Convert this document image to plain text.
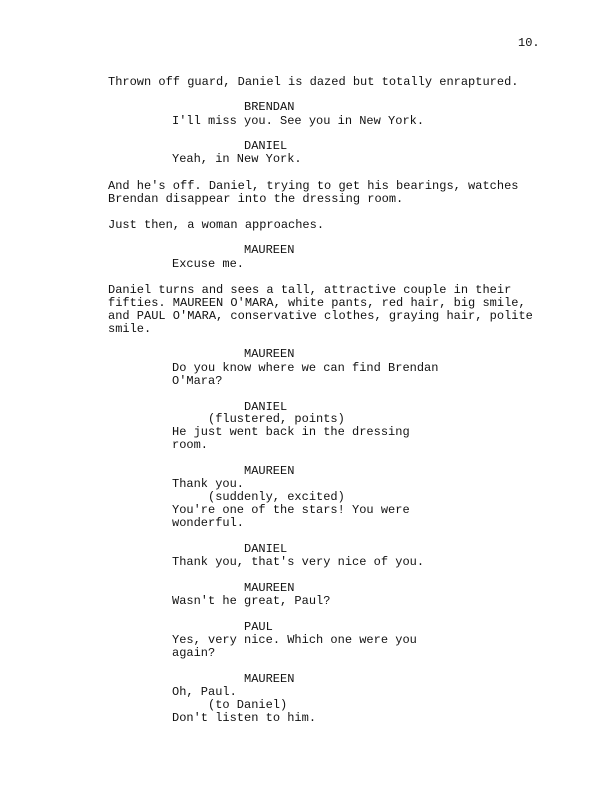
10.
Thrown off guard, Daniel is dazed but totally enraptured.
BRENDAN
I'll miss you. See you in New York.
DANIEL
Yeah, in New York.
And he's off. Daniel, trying to get his bearings, watches
Brendan disappear into the dressing room.
Just then, a woman approaches.
MAUREEN
Excuse me.
Daniel turns and sees a tall, attractive couple in their
fifties. MAUREEN O'MARA, white pants, red hair, big smile,
and PAUL O'MARA, conservative clothes, graying hair, polite
smile.
MAUREEN
Do you know where we can find Brendan
O'Mara?
DANIEL
(flustered, points)
He just went back in the dressing
room.
MAUREEN
Thank you.
(suddenly, excited)
You're one of the stars! You were
wonderful.
DANIEL
Thank you, that's very nice of you.
MAUREEN
Wasn't he great, Paul?
PAUL
Yes, very nice. Which one were you
again?
MAUREEN
Oh, Paul.
(to Daniel)
Don't listen to him.
